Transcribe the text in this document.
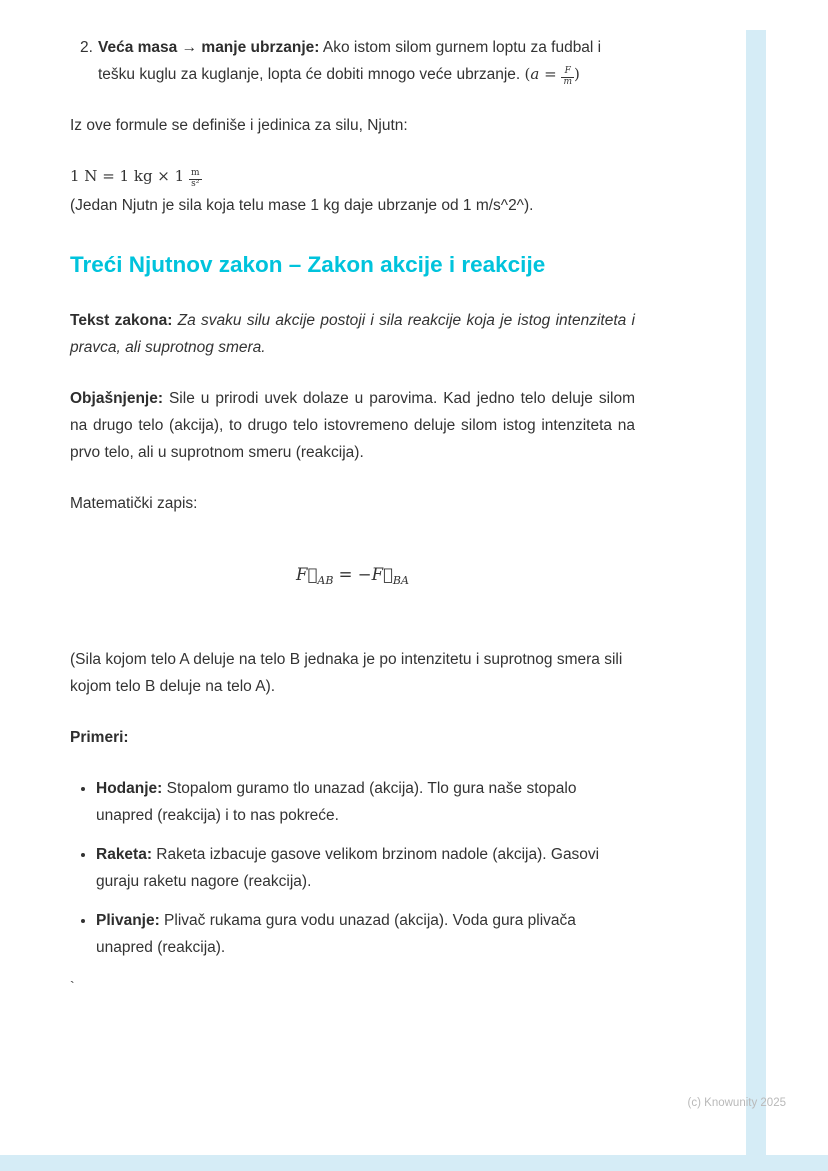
2. Veća masa → manje ubrzanje: Ako istom silom gurnem loptu za fudbal i tešku kuglu za kuglanje, lopta će dobiti mnogo veće ubrzanje. ($a = \frac{F}{m}$ )

Iz ove formule se definiše i jedinica za silu, Njutn:

1 N = 1 kg × $1 \frac{m}{\text{s²}}$

(Jedan Njutn je sila koja telu mase 1 kg daje ubrzanje od 1 m/s^2^).

Treći Njutnov zakon – Zakon akcije i reakcije

Tekst zakona: Za svaku silu akcije postoji i sila reakcije koja je istog intenziteta i pravca, ali suprotnog smera.

Objašnjenje: Sile u prirodi uvek dolaze u parovima. Kad jedno telo deluje silom na drugo telo (akcija), to drugo telo istovremeno deluje silom istog intenziteta na prvo telo, ali u suprotnom smeru (reakcija).

Matematički zapis:

$F⃗_{AB}$ = $-F⃗_{BA}$

(Sila kojom telo A deluje na telo B jednaka je po intenzitetu i suprotnog smera sili kojom telo B deluje na telo A).

Primeri:

• Hodanje: Stopalom guramo tlo unazad (akcija). Tlo gura naše stopalo unapred (reakcija) i to nas pokreće.
• Raketa: Raketa izbacuje gasove velikom brzinom nadole (akcija). Gasovi guraju raketu nagore (reakcija).
• Plivanje: Plivač rukama gura vodu unazad (akcija). Voda gura plivača unapred (reakcija).
`
(c) Knowunity 2025
